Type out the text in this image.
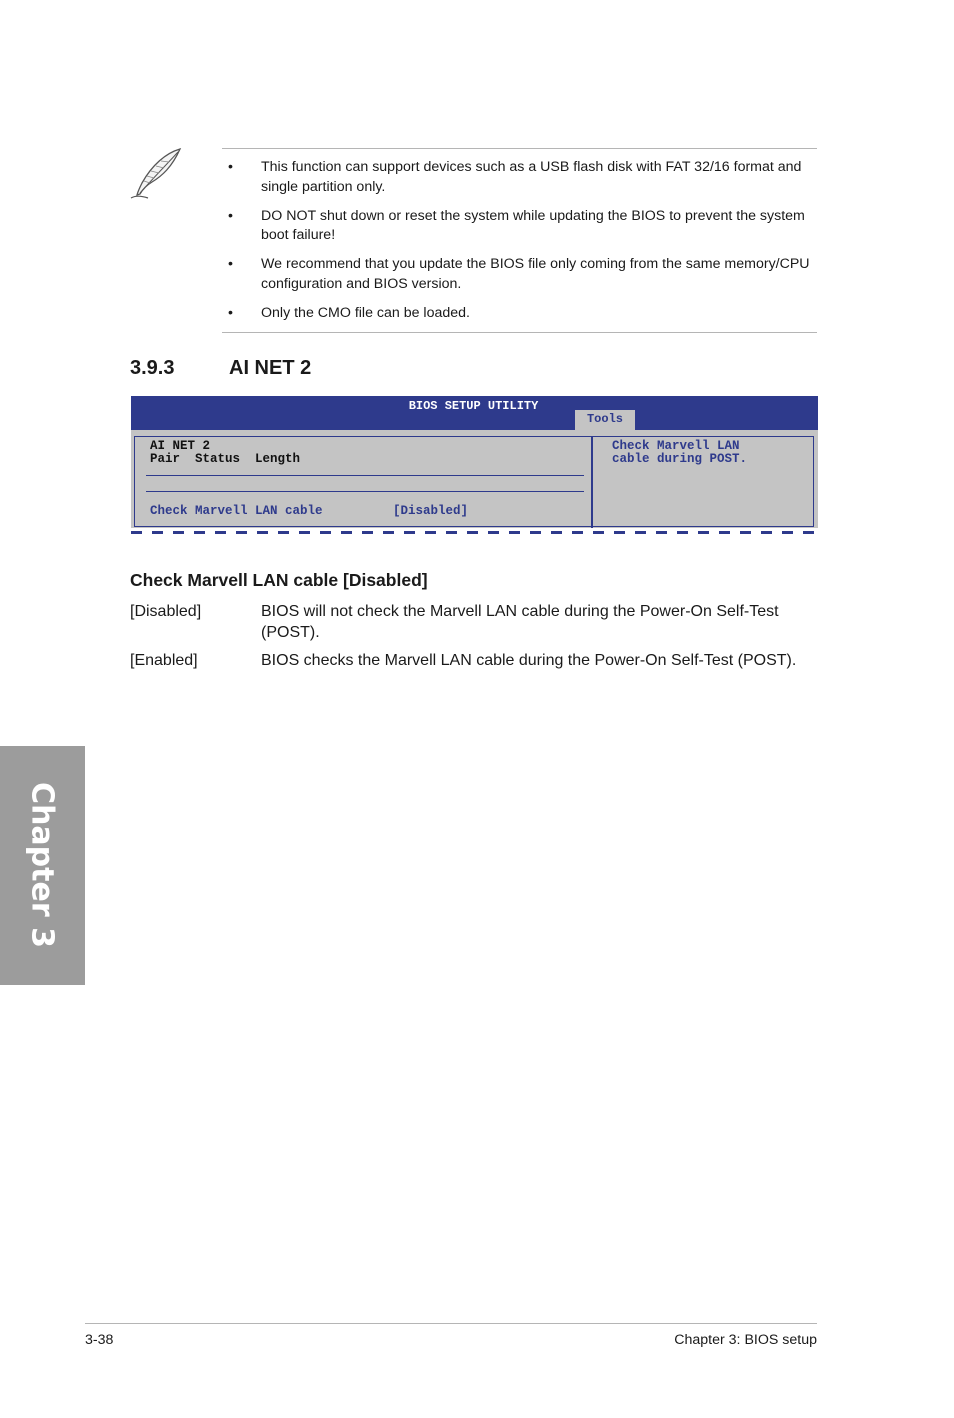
• This function can support devices such as a USB flash disk with FAT 32/16 format and single partition only.
• DO NOT shut down or reset the system while updating the BIOS to prevent the system boot failure!
• We recommend that you update the BIOS file only coming from the same memory/CPU configuration and BIOS version.
• Only the CMO file can be loaded.
3.9.3	AI NET 2
BIOS SETUP UTILITY
Tools
AI NET 2
Pair  Status  Length
Check Marvell LAN cable	[Disabled]
Check Marvell LAN
cable during POST.
Check Marvell LAN cable [Disabled]
[Disabled]	BIOS will not check the Marvell LAN cable during the Power-On Self-Test (POST).
[Enabled]	BIOS checks the Marvell LAN cable during the Power-On Self-Test (POST).
Chapter 3
3-38	Chapter 3: BIOS setup
